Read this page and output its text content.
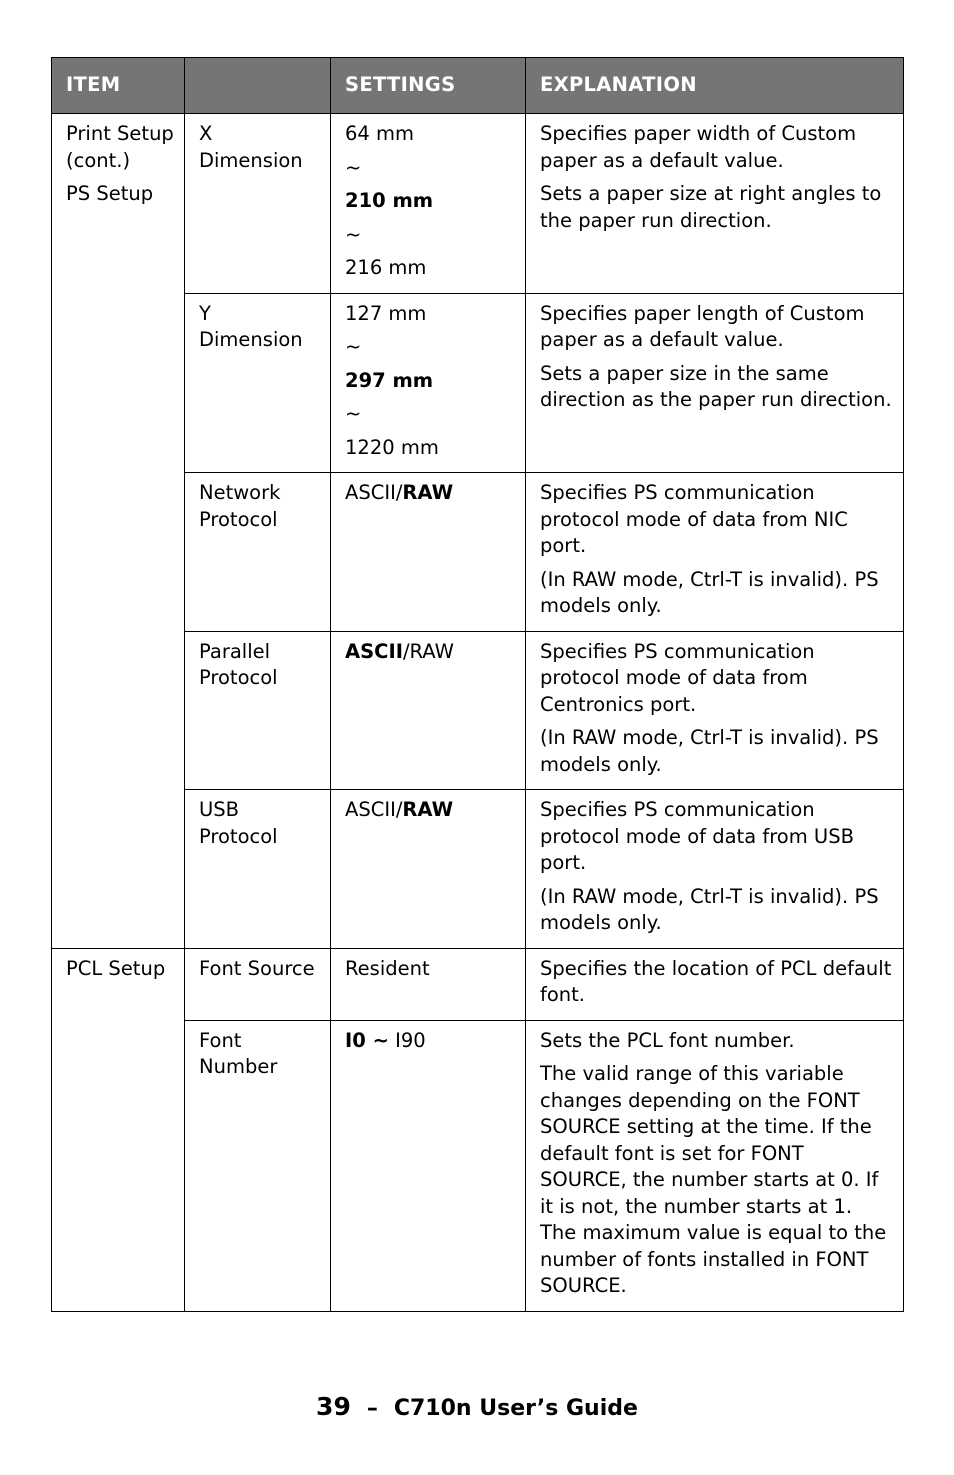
ITEM		SETTINGS	EXPLANATION

Print Setup (cont.)
PS Setup	X Dimension	64 mm
~
210 mm
~
216 mm	Specifies paper width of Custom paper as a default value.
Sets a paper size at right angles to the paper run direction.

	Y Dimension	127 mm
~
297 mm
~
1220 mm	Specifies paper length of Custom paper as a default value.
Sets a paper size in the same direction as the paper run direction.

	Network Protocol	ASCII/RAW	Specifies PS communication protocol mode of data from NIC port.
(In RAW mode, Ctrl-T is invalid). PS models only.

	Parallel Protocol	ASCII/RAW	Specifies PS communication protocol mode of data from Centronics port.
(In RAW mode, Ctrl-T is invalid). PS models only.

	USB Protocol	ASCII/RAW	Specifies PS communication protocol mode of data from USB port.
(In RAW mode, Ctrl-T is invalid). PS models only.

PCL Setup	Font Source	Resident	Specifies the location of PCL default font.
	Font Number	I0 ~ I90	Sets the PCL font number.
The valid range of this variable changes depending on the FONT SOURCE setting at the time. If the default font is set for FONT SOURCE, the number starts at 0. If it is not, the number starts at 1. The maximum value is equal to the number of fonts installed in FONT SOURCE.
39 – C710n User’s Guide
